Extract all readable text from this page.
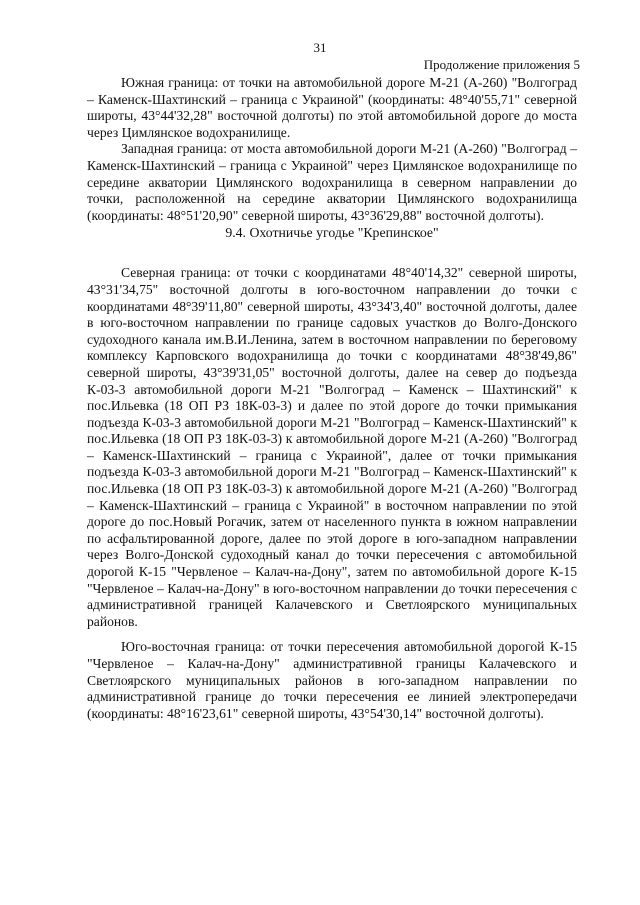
31
Продолжение приложения 5

Южная граница: от точки на автомобильной дороге М-21 (А-260) "Волгоград – Каменск-Шахтинский – граница с Украиной" (координаты: 48°40'55,71" северной широты, 43°44'32,28" восточной долготы) по этой автомобильной дороге до моста через Цимлянское водохранилище.

Западная граница: от моста автомобильной дороги М-21 (А-260) "Волгоград – Каменск-Шахтинский – граница с Украиной" через Цимлянское водохранилище по середине акватории Цимлянского водохранилища в северном направлении до точки, расположенной на середине акватории Цимлянского водохранилища (координаты: 48°51'20,90" северной широты, 43°36'29,88" восточной долготы).

9.4. Охотничье угодье "Крепинское"

Северная граница: от точки с координатами 48°40'14,32" северной широты, 43°31'34,75" восточной долготы в юго-восточном направлении до точки с координатами 48°39'11,80" северной широты, 43°34'3,40" восточной долготы, далее в юго-восточном направлении по границе садовых участков до Волго-Донского судоходного канала им.В.И.Ленина, затем в восточном направлении по береговому комплексу Карповского водохранилища до точки с координатами 48°38'49,86" северной широты, 43°39'31,05" восточной долготы, далее на север до подъезда К-03-3 автомобильной дороги М-21 "Волгоград – Каменск – Шахтинский" к пос.Ильевка (18 ОП РЗ 18К-03-3) и далее по этой дороге до точки примыкания подъезда К-03-3 автомобильной дороги М-21 "Волгоград – Каменск-Шахтинский" к пос.Ильевка (18 ОП РЗ 18К-03-3) к автомобильной дороге М-21 (А-260) "Волгоград – Каменск-Шахтинский – граница с Украиной", далее от точки примыкания подъезда К-03-3 автомобильной дороги М-21 "Волгоград – Каменск-Шахтинский" к пос.Ильевка (18 ОП РЗ 18К-03-3) к автомобильной дороге М-21 (А-260) "Волгоград – Каменск-Шахтинский – граница с Украиной" в восточном направлении по этой дороге до пос.Новый Рогачик, затем от населенного пункта в южном направлении по асфальтированной дороге, далее по этой дороге в юго-западном направлении через Волго-Донской судоходный канал до точки пересечения с автомобильной дорогой К-15 "Червленое – Калач-на-Дону", затем по автомобильной дороге К-15 "Червленое – Калач-на-Дону" в юго-восточном направлении до точки пересечения с административной границей Калачевского и Светлоярского муниципальных районов.

Юго-восточная граница: от точки пересечения автомобильной дорогой К-15 "Червленое – Калач-на-Дону" административной границы Калачевского и Светлоярского муниципальных районов в юго-западном направлении по административной границе до точки пересечения ее линией электропередачи (координаты: 48°16'23,61" северной широты, 43°54'30,14" восточной долготы).
